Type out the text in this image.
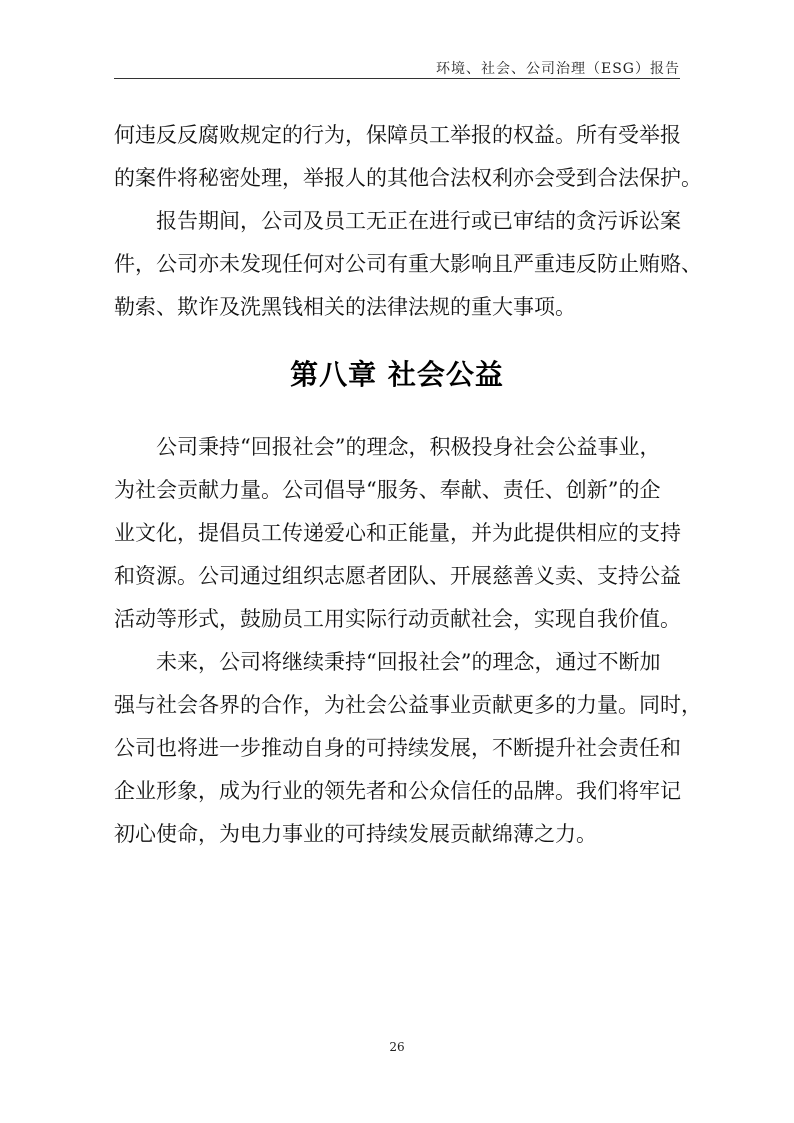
环境、社会、公司治理（ESG）报告
何违反反腐败规定的行为，保障员工举报的权益。所有受举报
的案件将秘密处理，举报人的其他合法权利亦会受到合法保护。
　　报告期间，公司及员工无正在进行或已审结的贪污诉讼案
件，公司亦未发现任何对公司有重大影响且严重违反防止贿赂、
勒索、欺诈及洗黑钱相关的法律法规的重大事项。
第八章 社会公益
　　公司秉持“回报社会”的理念，积极投身社会公益事业，
为社会贡献力量。公司倡导“服务、奉献、责任、创新”的企
业文化，提倡员工传递爱心和正能量，并为此提供相应的支持
和资源。公司通过组织志愿者团队、开展慈善义卖、支持公益
活动等形式，鼓励员工用实际行动贡献社会，实现自我价值。
　　未来，公司将继续秉持“回报社会”的理念，通过不断加
强与社会各界的合作，为社会公益事业贡献更多的力量。同时，
公司也将进一步推动自身的可持续发展，不断提升社会责任和
企业形象，成为行业的领先者和公众信任的品牌。我们将牢记
初心使命，为电力事业的可持续发展贡献绵薄之力。
26
